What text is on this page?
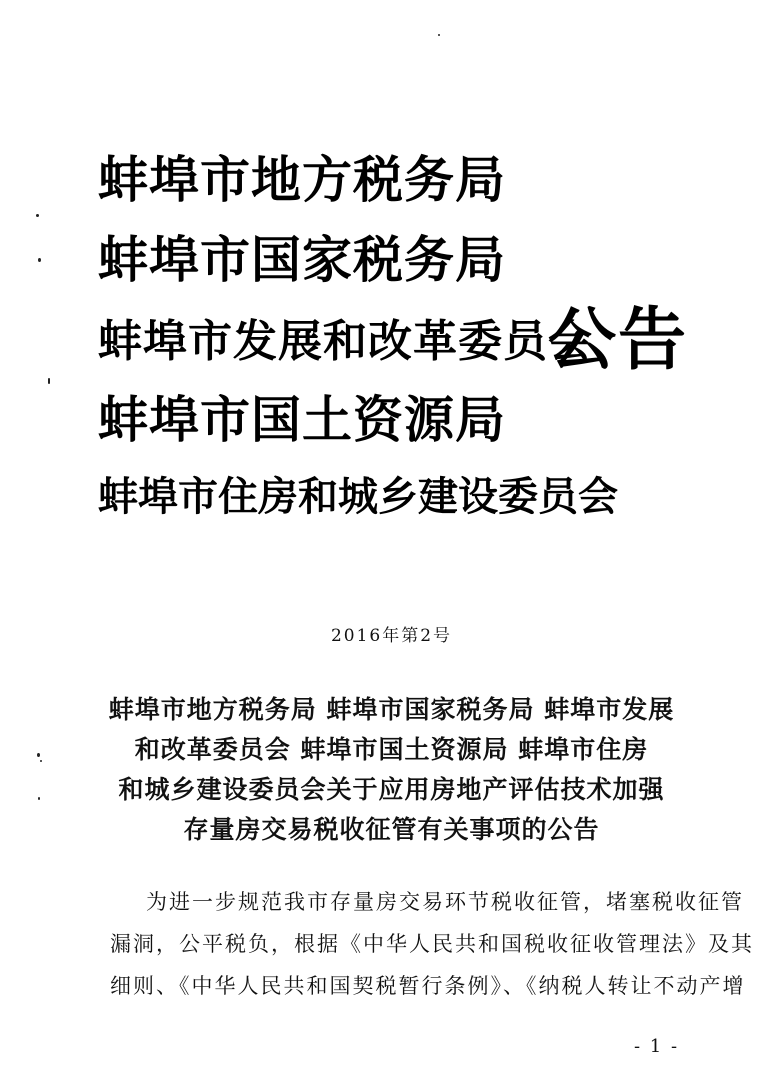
蚌埠市地方税务局
蚌埠市国家税务局
蚌埠市发展和改革委员会
蚌埠市国土资源局
蚌埠市住房和城乡建设委员会
公告
2016年第2号
蚌埠市地方税务局 蚌埠市国家税务局 蚌埠市发展
和改革委员会 蚌埠市国土资源局 蚌埠市住房
和城乡建设委员会关于应用房地产评估技术加强
存量房交易税收征管有关事项的公告
为进一步规范我市存量房交易环节税收征管，堵塞税收征管
漏洞，公平税负，根据《中华人民共和国税收征收管理法》及其
细则、《中华人民共和国契税暂行条例》、《纳税人转让不动产增
- 1 -
